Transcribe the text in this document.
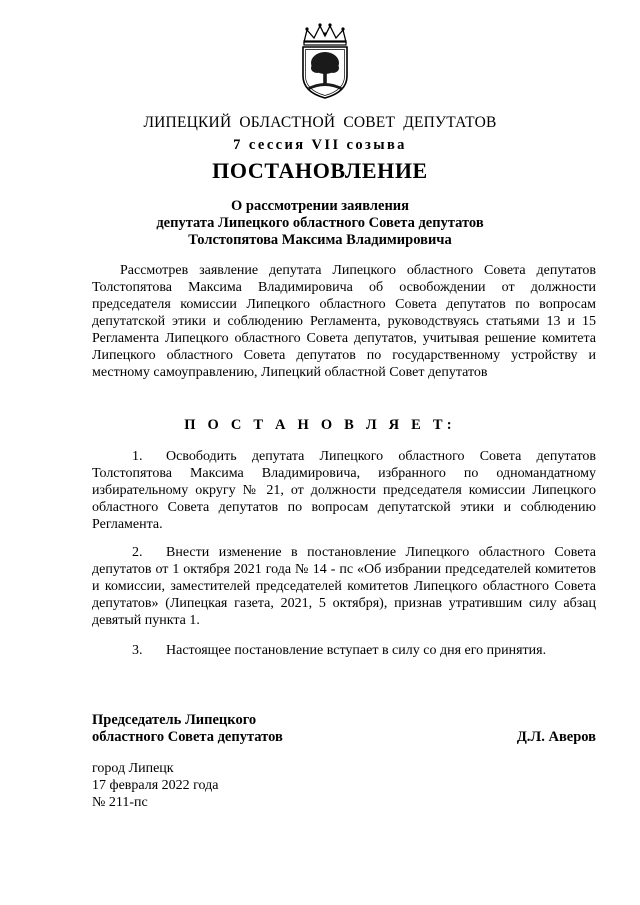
ЛИПЕЦКИЙ ОБЛАСТНОЙ СОВЕТ ДЕПУТАТОВ
7 сессия VII созыва
ПОСТАНОВЛЕНИЕ
О рассмотрении заявления
депутата Липецкого областного Совета депутатов
Толстопятова Максима Владимировича
Рассмотрев заявление депутата Липецкого областного Совета депутатов Толстопятова Максима Владимировича об освобождении от должности председателя комиссии Липецкого областного Совета депутатов по вопросам депутатской этики и соблюдению Регламента, руководствуясь статьями 13 и 15 Регламента Липецкого областного Совета депутатов, учитывая решение комитета Липецкого областного Совета депутатов по государственному устройству и местному самоуправлению, Липецкий областной Совет депутатов
П О С Т А Н О В Л Я Е Т:
1. Освободить депутата Липецкого областного Совета депутатов Толстопятова Максима Владимировича, избранного по одномандатному избирательному округу № 21, от должности председателя комиссии Липецкого областного Совета депутатов по вопросам депутатской этики и соблюдению Регламента.
2. Внести изменение в постановление Липецкого областного Совета депутатов от 1 октября 2021 года № 14 - пс «Об избрании председателей комитетов и комиссии, заместителей председателей комитетов Липецкого областного Совета депутатов» (Липецкая газета, 2021, 5 октября), признав утратившим силу абзац девятый пункта 1.
3. Настоящее постановление вступает в силу со дня его принятия.
Председатель Липецкого
областного Совета депутатов	Д.Л. Аверов
город Липецк
17 февраля 2022 года
№ 211-пс
